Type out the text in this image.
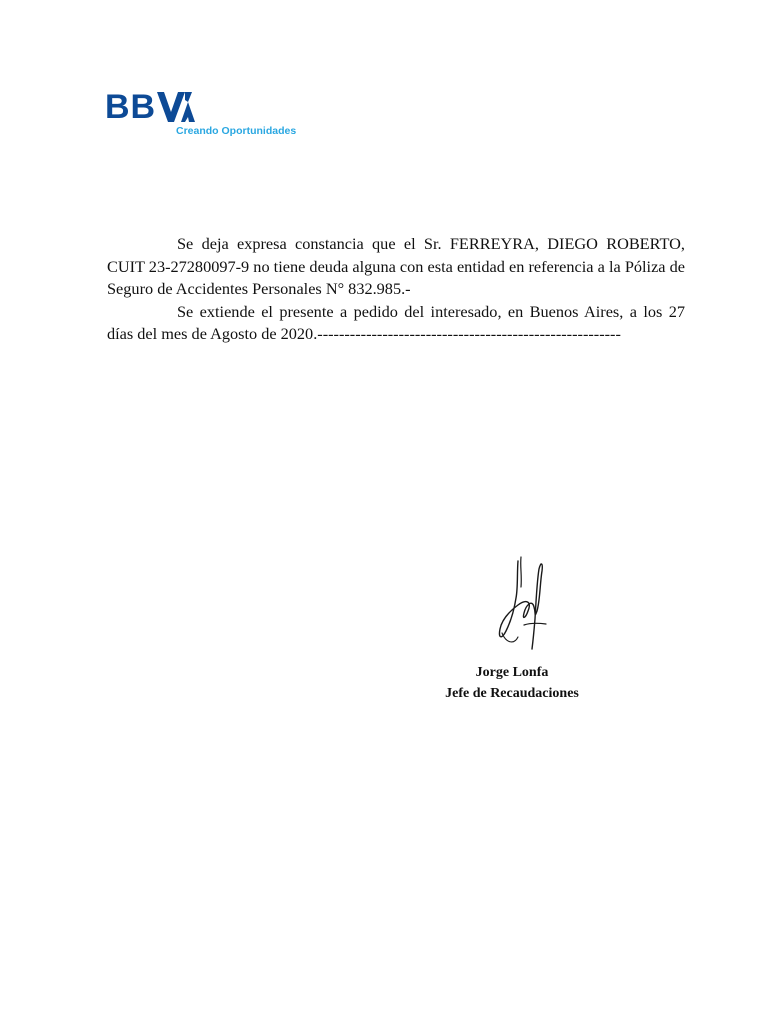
BB
Creando Oportunidades

Se deja expresa constancia que el Sr. FERREYRA, DIEGO ROBERTO, CUIT 23-27280097-9 no tiene deuda alguna con esta entidad en referencia a la Póliza de Seguro de Accidentes Personales N° 832.985.-

Se extiende el presente a pedido del interesado, en Buenos Aires, a los 27 días del mes de Agosto de 2020.--------------------------------------------------------

Jorge Lonfa
Jefe de Recaudaciones
